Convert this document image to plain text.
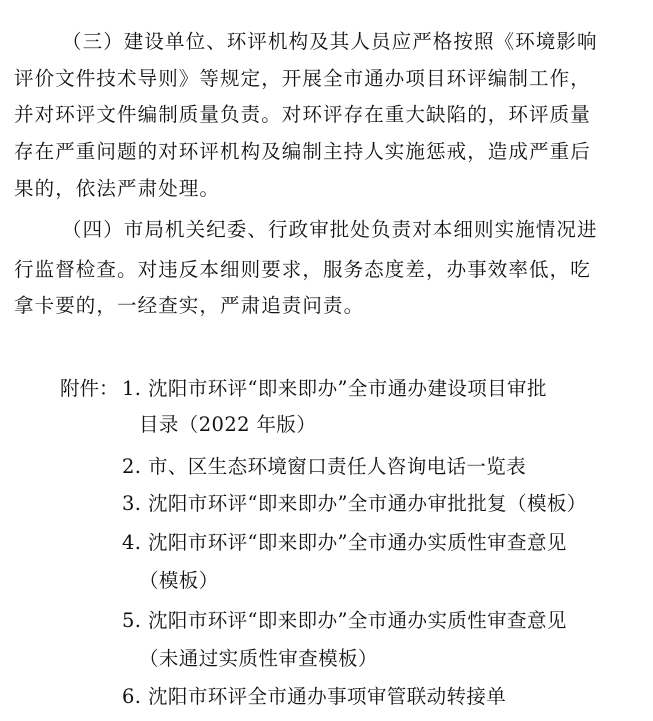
（三）建设单位、环评机构及其人员应严格按照《环境影响
评价文件技术导则》等规定，开展全市通办项目环评编制工作，
并对环评文件编制质量负责。对环评存在重大缺陷的，环评质量
存在严重问题的对环评机构及编制主持人实施惩戒，造成严重后
果的，依法严肃处理。
（四）市局机关纪委、行政审批处负责对本细则实施情况进
行监督检查。对违反本细则要求，服务态度差，办事效率低，吃
拿卡要的，一经查实，严肃追责问责。
附件： 1. 沈阳市环评“即来即办”全市通办建设项目审批
目录（2022 年版）
2. 市、区生态环境窗口责任人咨询电话一览表
3. 沈阳市环评“即来即办”全市通办审批批复（模板）
4. 沈阳市环评“即来即办”全市通办实质性审查意见
（模板）
5. 沈阳市环评“即来即办”全市通办实质性审查意见
（未通过实质性审查模板）
6. 沈阳市环评全市通办事项审管联动转接单
